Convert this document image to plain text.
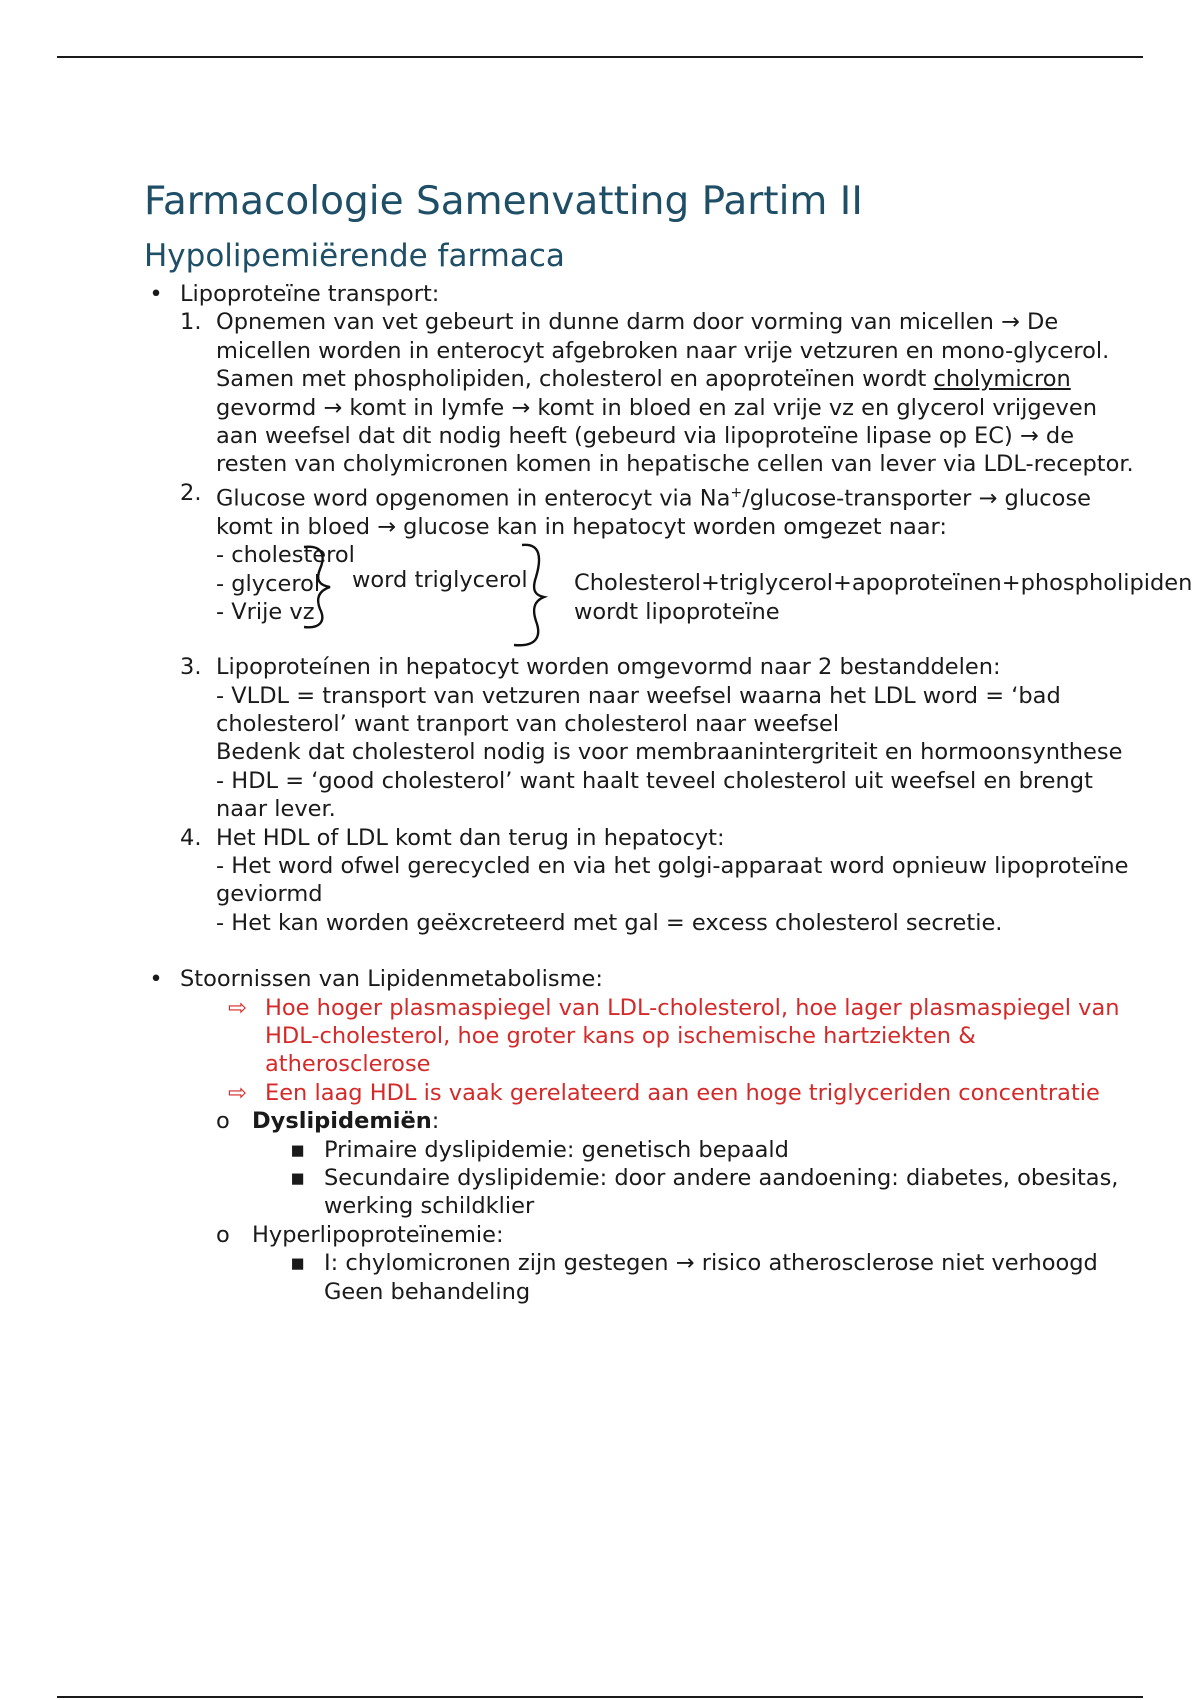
Farmacologie Samenvatting Partim II
Hypolipemiërende farmaca
• Lipoproteïne transport:
1. Opnemen van vet gebeurt in dunne darm door vorming van micellen → De micellen worden in enterocyt afgebroken naar vrije vetzuren en mono-glycerol. Samen met phospholipiden, cholesterol en apoproteïnen wordt cholymicron gevormd → komt in lymfe → komt in bloed en zal vrije vz en glycerol vrijgeven aan weefsel dat dit nodig heeft (gebeurd via lipoproteïne lipase op EC) → de resten van cholymicronen komen in hepatische cellen van lever via LDL-receptor.
2. Glucose word opgenomen in enterocyt via Na+/glucose-transporter → glucose komt in bloed → glucose kan in hepatocyt worden omgezet naar:
- cholesterol
- glycerol
- Vrije vz
word triglycerol Cholesterol+triglycerol+apoproteïnen+phospholipiden wordt lipoproteïne
3. Lipoproteínen in hepatocyt worden omgevormd naar 2 bestanddelen:
- VLDL = transport van vetzuren naar weefsel waarna het LDL word = ‘bad cholesterol’ want tranport van cholesterol naar weefsel
Bedenk dat cholesterol nodig is voor membraanintergriteit en hormoonsynthese
- HDL = ‘good cholesterol’ want haalt teveel cholesterol uit weefsel en brengt naar lever.
4. Het HDL of LDL komt dan terug in hepatocyt:
- Het word ofwel gerecycled en via het golgi-apparaat word opnieuw lipoproteïne geviormd
- Het kan worden geëxcreteerd met gal = excess cholesterol secretie.
• Stoornissen van Lipidenmetabolisme:
⇨ Hoe hoger plasmaspiegel van LDL-cholesterol, hoe lager plasmaspiegel van HDL-cholesterol, hoe groter kans op ischemische hartziekten & atherosclerose
⇨ Een laag HDL is vaak gerelateerd aan een hoge triglyceriden concentratie
o Dyslipidemiën:
▪ Primaire dyslipidemie: genetisch bepaald
▪ Secundaire dyslipidemie: door andere aandoening: diabetes, obesitas, werking schildklier
o Hyperlipoproteïnemie:
▪ I: chylomicronen zijn gestegen → risico atherosclerose niet verhoogd
Geen behandeling
